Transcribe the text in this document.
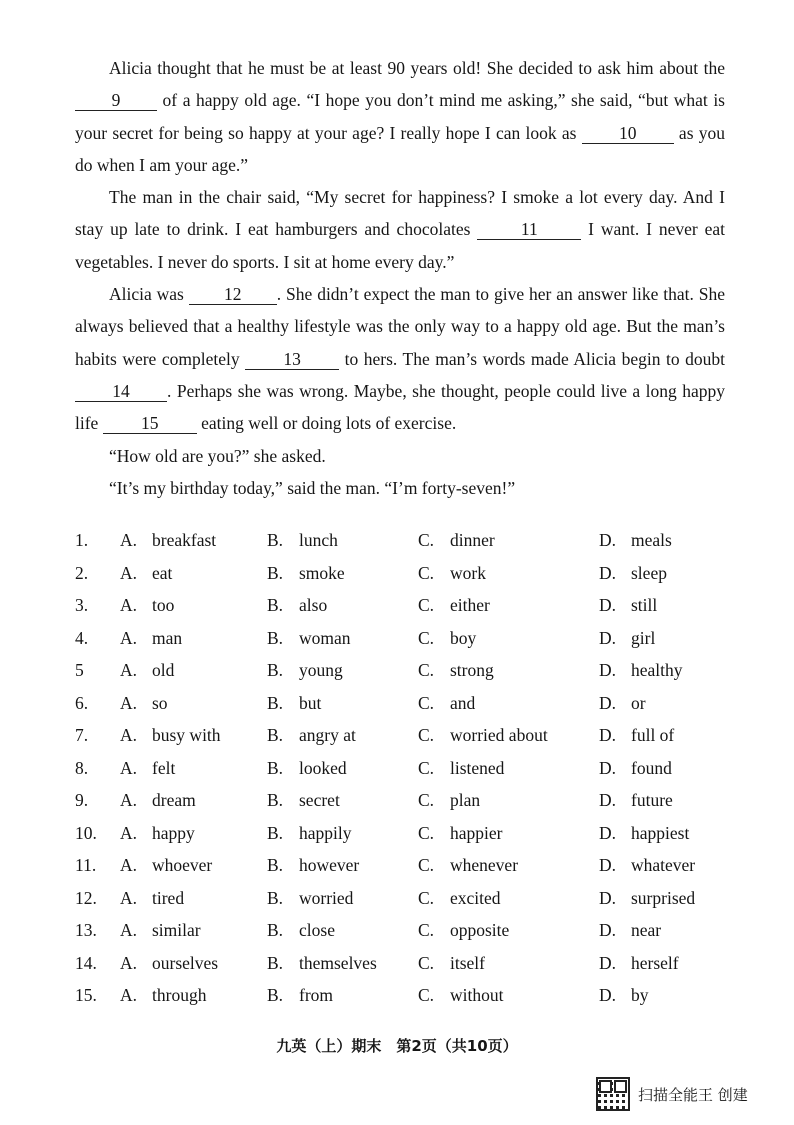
Alicia thought that he must be at least 90 years old! She decided to ask him about the 9 of a happy old age. “I hope you don’t mind me asking,” she said, “but what is your secret for being so happy at your age? I really hope I can look as 10 as you do when I am your age.”

The man in the chair said, “My secret for happiness? I smoke a lot every day. And I stay up late to drink. I eat hamburgers and chocolates 11 I want. I never eat vegetables. I never do sports. I sit at home every day.”

Alicia was 12 . She didn’t expect the man to give her an answer like that. She always believed that a healthy lifestyle was the only way to a happy old age. But the man’s habits were completely 13 to hers. The man’s words made Alicia begin to doubt 14 . Perhaps she was wrong. Maybe, she thought, people could live a long happy life 15 eating well or doing lots of exercise.

“How old are you?” she asked.

“It’s my birthday today,” said the man. “I’m forty-seven!”

1. A. breakfast	B. lunch	C. dinner	D. meals
2. A. eat	B. smoke	C. work	D. sleep
3. A. too	B. also	C. either	D. still
4. A. man	B. woman	C. boy	D. girl
5 A. old	B. young	C. strong	D. healthy
6. A. so	B. but	C. and	D. or
7. A. busy with	B. angry at	C. worried about	D. full of
8. A. felt	B. looked	C. listened	D. found
9. A. dream	B. secret	C. plan	D. future
10. A. happy	B. happily	C. happier	D. happiest
11. A. whoever	B. however	C. whenever	D. whatever
12. A. tired	B. worried	C. excited	D. surprised
13. A. similar	B. close	C. opposite	D. near
14. A. ourselves	B. themselves C. itself	D. herself
15. A. through	B. from	C. without	D. by
九英（上）期末　第2页（共10页）
扫描全能王 创建
